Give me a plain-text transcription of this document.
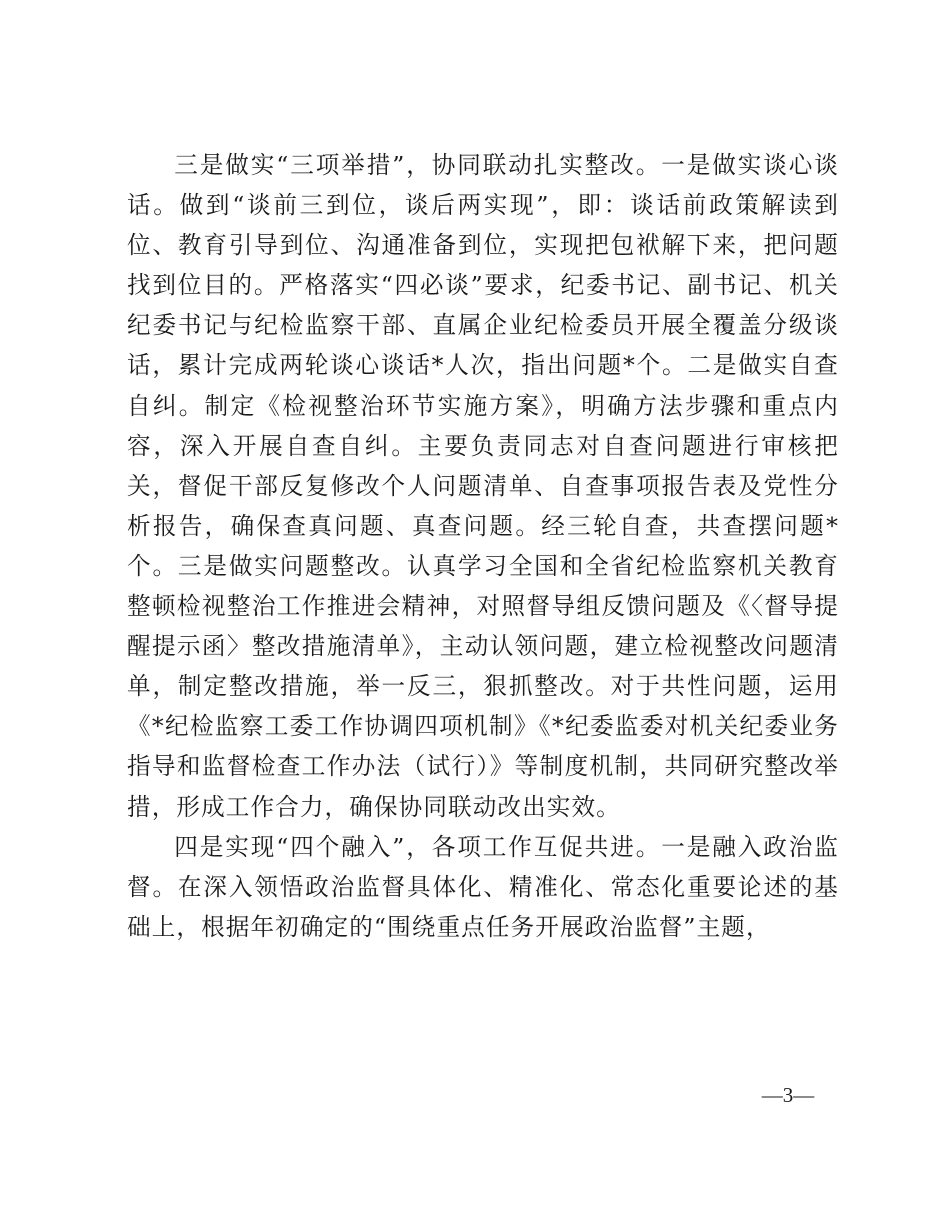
三是做实“三项举措”，协同联动扎实整改。一是做实谈心谈话。做到“谈前三到位，谈后两实现”，即：谈话前政策解读到位、教育引导到位、沟通准备到位，实现把包袱解下来，把问题找到位目的。严格落实“四必谈”要求，纪委书记、副书记、机关纪委书记与纪检监察干部、直属企业纪检委员开展全覆盖分级谈话，累计完成两轮谈心谈话*人次，指出问题*个。二是做实自查自纠。制定《检视整治环节实施方案》，明确方法步骤和重点内容，深入开展自查自纠。主要负责同志对自查问题进行审核把关，督促干部反复修改个人问题清单、自查事项报告表及党性分析报告，确保查真问题、真查问题。经三轮自查，共查摆问题*个。三是做实问题整改。认真学习全国和全省纪检监察机关教育整顿检视整治工作推进会精神，对照督导组反馈问题及《〈督导提醒提示函〉整改措施清单》，主动认领问题，建立检视整改问题清单，制定整改措施，举一反三，狠抓整改。对于共性问题，运用《*纪检监察工委工作协调四项机制》《*纪委监委对机关纪委业务指导和监督检查工作办法（试行）》等制度机制，共同研究整改举措，形成工作合力，确保协同联动改出实效。

四是实现“四个融入”，各项工作互促共进。一是融入政治监督。在深入领悟政治监督具体化、精准化、常态化重要论述的基础上，根据年初确定的“围绕重点任务开展政治监督”主题，

—3—
